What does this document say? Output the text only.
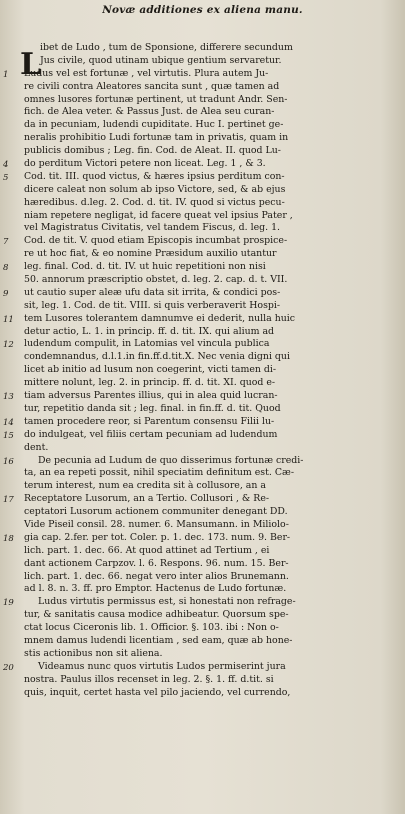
Novæ additiones ex aliena manu.
L
ibet de Ludo , tum de Sponsione, differere secundum
Jus civile, quod utinam ubique gentium servaretur.
1 Ludus vel est fortunæ , vel virtutis. Plura autem Ju-
re civili contra Aleatores sancita sunt , quæ tamen ad
omnes lusores fortunæ pertinent, ut tradunt Andr. Sen-
fich. de Alea veter. & Passus Just. de Alea seu curan-
da in pecuniam, ludendi cupiditate. Huc I. pertinet ge-
neralis prohibitio Ludi fortunæ tam in privatis, quam in
publicis domibus ; Leg. fin. Cod. de Aleat. II. quod Lu-
4 do perditum Victori petere non liceat. Leg. 1 , & 3.
5 Cod. tit. III. quod victus, & hæres ipsius perditum con-
dicere caleat non solum ab ipso Victore, sed, & ab ejus
hæredibus. d.leg. 2. Cod. d. tit. IV. quod si victus pecu-
niam repetere negligat, id facere queat vel ipsius Pater ,
vel Magistratus Civitatis, vel tandem Fiscus, d. leg. 1.
7 Cod. de tit. V. quod etiam Episcopis incumbat prospice-
re ut hoc fiat, & eo nomine Præsidum auxilio utantur
8 leg. final. Cod. d. tit. IV. ut huic repetitioni non nisi
50. annorum præscriptio obstet, d. leg. 2. cap. d. t. VII.
9 ut cautio super aleæ ufu data sit irrita, & condici pos-
sit, leg. 1. Cod. de tit. VIII. si quis verberaverit Hospi-
11 tem Lusores tolerantem damnumve ei dederit, nulla huic
detur actio, L. 1. in princip. ff. d. tit. IX. qui alium ad
12 ludendum compulit, in Latomias vel vincula publica
condemnandus, d.l.1.in fin.ff.d.tit.X. Nec venia digni qui
licet ab initio ad lusum non coegerint, victi tamen di-
mittere nolunt, leg. 2. in princip. ff. d. tit. XI. quod e-
13 tiam adversus Parentes illius, qui in alea quid lucran-
tur, repetitio danda sit ; leg. final. in fin.ff. d. tit. Quod
14 tamen procedere reor, si Parentum consensu Filii lu-
15 do indulgeat, vel filiis certam pecuniam ad ludendum
dent.
16	De pecunia ad Ludum de quo disserimus fortunæ credi-
ta, an ea repeti possit, nihil speciatim definitum est. Cæ-
terum interest, num ea credita sit à collusore, an a
17 Receptatore Lusorum, an a Tertio. Collusori , & Re-
ceptatori Lusorum actionem communiter denegant DD.
Vide Piseil consil. 28. numer. 6. Mansumann. in Miliolo-
18 gia cap. 2.fer. per tot. Coler. p. 1. dec. 173. num. 9. Ber-
lich. part. 1. dec. 66. At quod attinet ad Tertium , ei
dant actionem Carpzov. l. 6. Respons. 96. num. 15. Ber-
lich. part. 1. dec. 66. negat vero inter alios Brunemann.
ad l. 8. n. 3. ff. pro Emptor. Hactenus de Ludo fortunæ.
19	Ludus virtutis permissus est, si honestati non refrage-
tur, & sanitatis causa modice adhibeatur. Quorsum spe-
ctat locus Ciceronis lib. 1. Officior. §. 103. ibi : Non o-
mnem damus ludendi licentiam , sed eam, quæ ab hone-
stis actionibus non sit aliena.
20	Videamus nunc quos virtutis Ludos permiserint jura
nostra. Paulus illos recenset in leg. 2. §. 1. ff. d.tit. si
quis, inquit, certet hasta vel pilo jaciendo, vel currendo,
